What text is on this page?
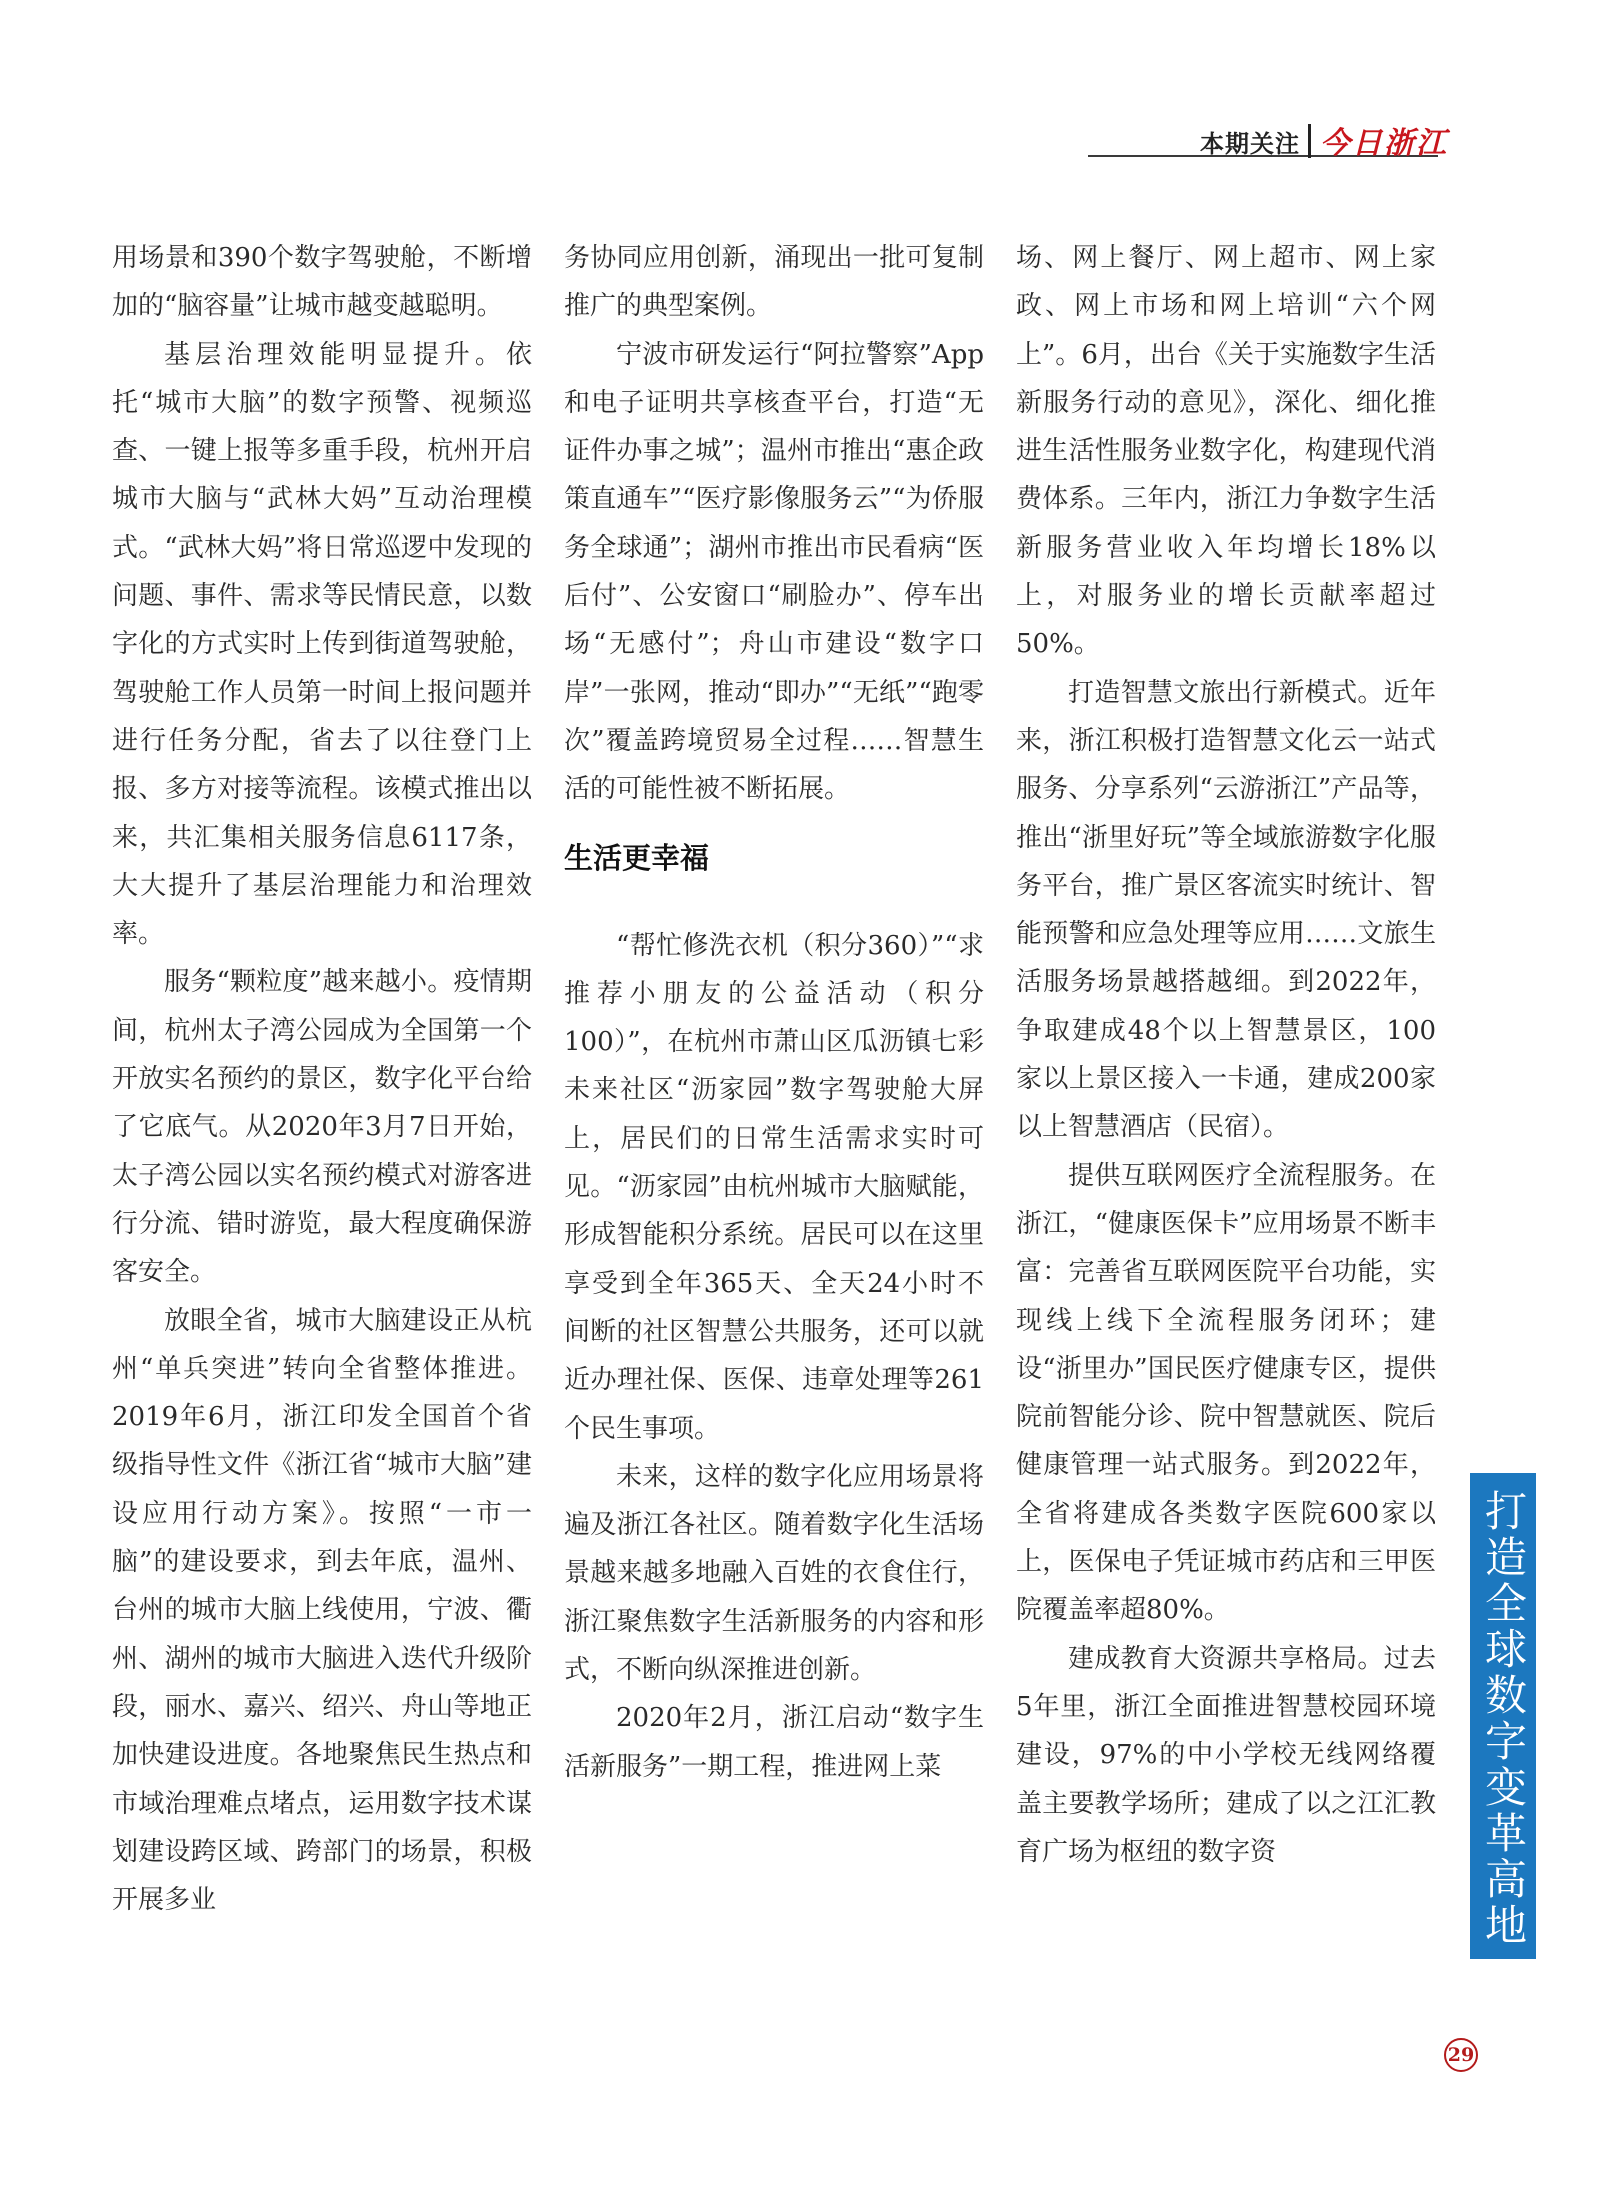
本期关注 今日浙江

用场景和390个数字驾驶舱，不断增加的“脑容量”让城市越变越聪明。

基层治理效能明显提升。依托“城市大脑”的数字预警、视频巡查、一键上报等多重手段，杭州开启城市大脑与“武林大妈”互动治理模式。“武林大妈”将日常巡逻中发现的问题、事件、需求等民情民意，以数字化的方式实时上传到街道驾驶舱，驾驶舱工作人员第一时间上报问题并进行任务分配，省去了以往登门上报、多方对接等流程。该模式推出以来，共汇集相关服务信息6117条，大大提升了基层治理能力和治理效率。

服务“颗粒度”越来越小。疫情期间，杭州太子湾公园成为全国第一个开放实名预约的景区，数字化平台给了它底气。从2020年3月7日开始，太子湾公园以实名预约模式对游客进行分流、错时游览，最大程度确保游客安全。

放眼全省，城市大脑建设正从杭州“单兵突进”转向全省整体推进。2019年6月，浙江印发全国首个省级指导性文件《浙江省“城市大脑”建设应用行动方案》。按照“一市一脑”的建设要求，到去年底，温州、台州的城市大脑上线使用，宁波、衢州、湖州的城市大脑进入迭代升级阶段，丽水、嘉兴、绍兴、舟山等地正加快建设进度。各地聚焦民生热点和市域治理难点堵点，运用数字技术谋划建设跨区域、跨部门的场景，积极开展多业

务协同应用创新，涌现出一批可复制推广的典型案例。

宁波市研发运行“阿拉警察”App和电子证明共享核查平台，打造“无证件办事之城”；温州市推出“惠企政策直通车”“医疗影像服务云”“为侨服务全球通”；湖州市推出市民看病“医后付”、公安窗口“刷脸办”、停车出场“无感付”；舟山市建设“数字口岸”一张网，推动“即办”“无纸”“跑零次”覆盖跨境贸易全过程……智慧生活的可能性被不断拓展。

生活更幸福

“帮忙修洗衣机（积分360）”“求推荐小朋友的公益活动（积分100）”，在杭州市萧山区瓜沥镇七彩未来社区“沥家园”数字驾驶舱大屏上，居民们的日常生活需求实时可见。“沥家园”由杭州城市大脑赋能，形成智能积分系统。居民可以在这里享受到全年365天、全天24小时不间断的社区智慧公共服务，还可以就近办理社保、医保、违章处理等261个民生事项。

未来，这样的数字化应用场景将遍及浙江各社区。随着数字化生活场景越来越多地融入百姓的衣食住行，浙江聚焦数字生活新服务的内容和形式，不断向纵深推进创新。

2020年2月，浙江启动“数字生活新服务”一期工程，推进网上菜

场、网上餐厅、网上超市、网上家政、网上市场和网上培训“六个网上”。6月，出台《关于实施数字生活新服务行动的意见》，深化、细化推进生活性服务业数字化，构建现代消费体系。三年内，浙江力争数字生活新服务营业收入年均增长18%以上，对服务业的增长贡献率超过50%。

打造智慧文旅出行新模式。近年来，浙江积极打造智慧文化云一站式服务、分享系列“云游浙江”产品等，推出“浙里好玩”等全域旅游数字化服务平台，推广景区客流实时统计、智能预警和应急处理等应用……文旅生活服务场景越搭越细。到2022年，争取建成48个以上智慧景区，100家以上景区接入一卡通，建成200家以上智慧酒店（民宿）。

提供互联网医疗全流程服务。在浙江，“健康医保卡”应用场景不断丰富：完善省互联网医院平台功能，实现线上线下全流程服务闭环；建设“浙里办”国民医疗健康专区，提供院前智能分诊、院中智慧就医、院后健康管理一站式服务。到2022年，全省将建成各类数字医院600家以上，医保电子凭证城市药店和三甲医院覆盖率超80%。

建成教育大资源共享格局。过去5年里，浙江全面推进智慧校园环境建设，97%的中小学校无线网络覆盖主要教学场所；建成了以之江汇教育广场为枢纽的数字资	打造全球数字变革高地
29
